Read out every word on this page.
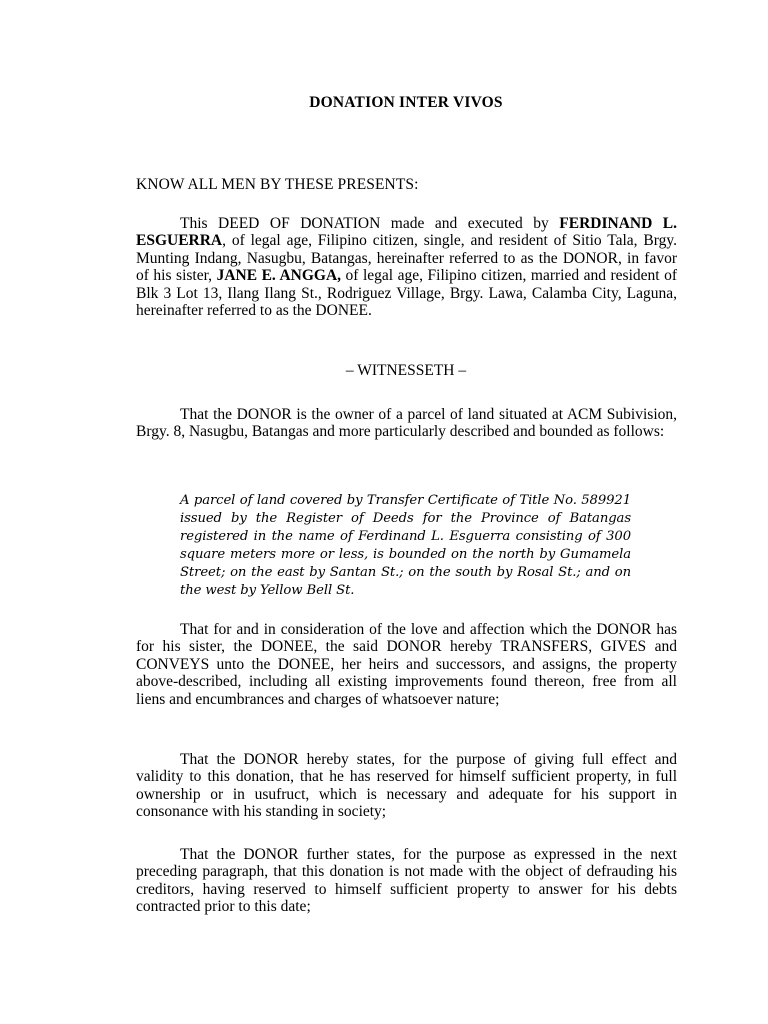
DONATION INTER VIVOS
KNOW ALL MEN BY THESE PRESENTS:

This DEED OF DONATION made and executed by FERDINAND L. ESGUERRA, of legal age, Filipino citizen, single, and resident of Sitio Tala, Brgy. Munting Indang, Nasugbu, Batangas, hereinafter referred to as the DONOR, in favor of his sister, JANE E. ANGGA, of legal age, Filipino citizen, married and resident of Blk 3 Lot 13, Ilang Ilang St., Rodriguez Village, Brgy. Lawa, Calamba City, Laguna, hereinafter referred to as the DONEE.

– WITNESSETH –

That the DONOR is the owner of a parcel of land situated at ACM Subivision, Brgy. 8, Nasugbu, Batangas and more particularly described and bounded as follows:

A parcel of land covered by Transfer Certificate of Title No. 589921 issued by the Register of Deeds for the Province of Batangas registered in the name of Ferdinand L. Esguerra consisting of 300 square meters more or less, is bounded on the north by Gumamela Street; on the east by Santan St.; on the south by Rosal St.; and on the west by Yellow Bell St.

That for and in consideration of the love and affection which the DONOR has for his sister, the DONEE, the said DONOR hereby TRANSFERS, GIVES and CONVEYS unto the DONEE, her heirs and successors, and assigns, the property above-described, including all existing improvements found thereon, free from all liens and encumbrances and charges of whatsoever nature;

That the DONOR hereby states, for the purpose of giving full effect and validity to this donation, that he has reserved for himself sufficient property, in full ownership or in usufruct, which is necessary and adequate for his support in consonance with his standing in society;

That the DONOR further states, for the purpose as expressed in the next preceding paragraph, that this donation is not made with the object of defrauding his creditors, having reserved to himself sufficient property to answer for his debts contracted prior to this date;
